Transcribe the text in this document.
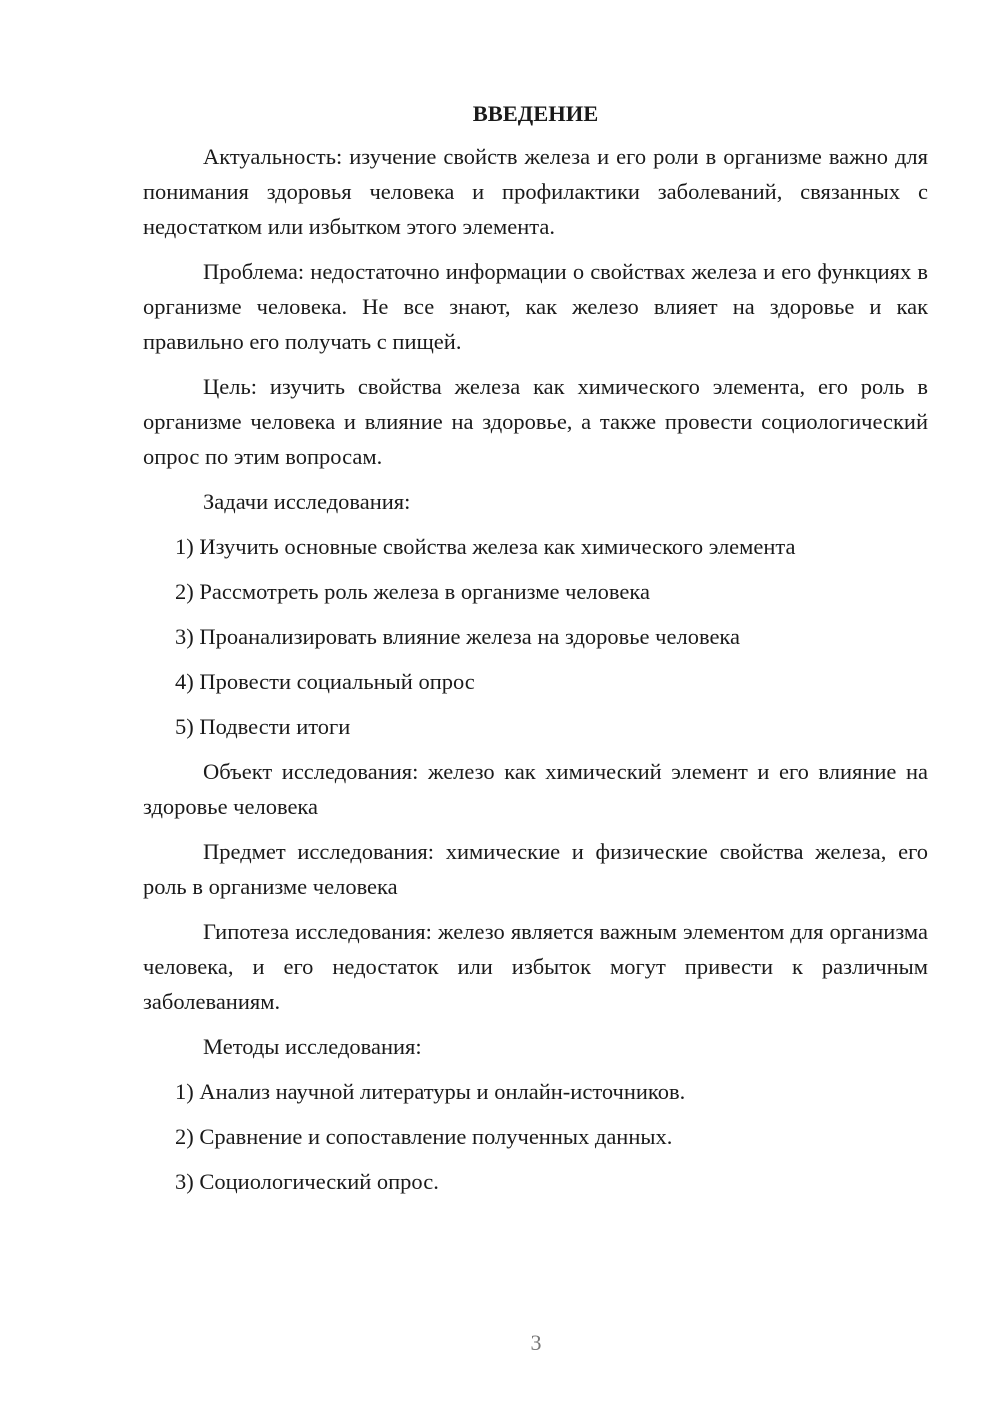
ВВЕДЕНИЕ

Актуальность: изучение свойств железа и его роли в организме важно для понимания здоровья человека и профилактики заболеваний, связанных с недостатком или избытком этого элемента.

Проблема: недостаточно информации о свойствах железа и его функциях в организме человека. Не все знают, как железо влияет на здоровье и как правильно его получать с пищей.

Цель: изучить свойства железа как химического элемента, его роль в организме человека и влияние на здоровье, а также провести социологический опрос по этим вопросам.

Задачи исследования:

1) Изучить основные свойства железа как химического элемента

2) Рассмотреть роль железа в организме человека

3) Проанализировать влияние железа на здоровье человека

4) Провести социальный опрос

5) Подвести итоги

Объект исследования: железо как химический элемент и его влияние на здоровье человека

Предмет исследования: химические и физические свойства железа, его роль в организме человека

Гипотеза исследования: железо является важным элементом для организма человека, и его недостаток или избыток могут привести к различным заболеваниям.

Методы исследования:

1) Анализ научной литературы и онлайн-источников.

2) Сравнение и сопоставление полученных данных.

3) Социологический опрос.

3
